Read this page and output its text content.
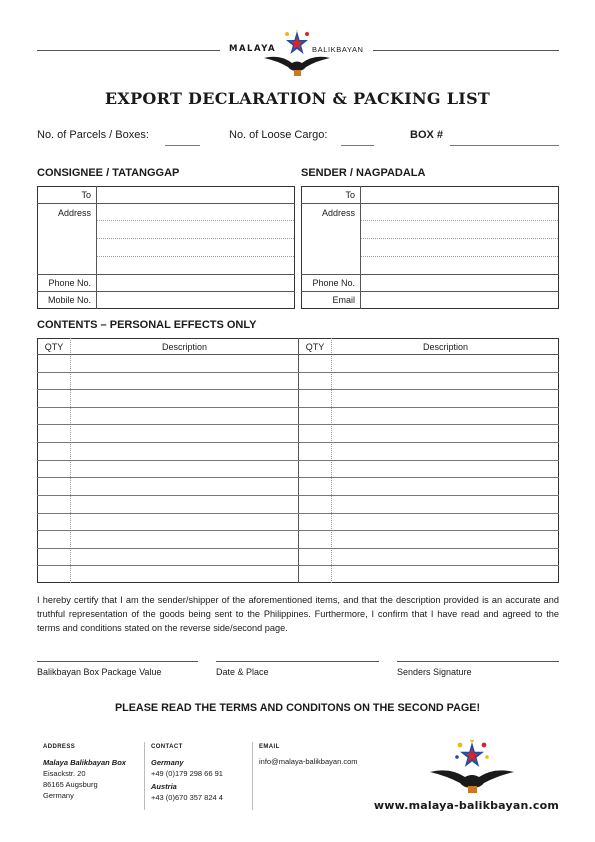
MALAYA	BALIKBAYAN
EXPORT DECLARATION & PACKING LIST
No. of Parcels / Boxes:	No. of Loose Cargo:	BOX #
CONSIGNEE / TATANGGAP
To
Address
Phone No.
Mobile No.
SENDER / NAGPADALA
To
Address
Phone No.
Email
CONTENTS – PERSONAL EFFECTS ONLY
QTY	Description	QTY	Description
I hereby certify that I am the sender/shipper of the aforementioned items, and that the description provided is an accurate and truthful representation of the goods being sent to the Philippines. Furthermore, I confirm that I have read and agreed to the terms and conditions stated on the reverse side/second page.
Balikbayan Box Package Value	Date & Place	Senders Signature
PLEASE READ THE TERMS AND CONDITONS ON THE SECOND PAGE!
ADDRESS
Malaya Balikbayan Box
Eisackstr. 20
86165 Augsburg
Germany
CONTACT
Germany
+49 (0)179 298 66 91
Austria
+43 (0)670 357 824 4
EMAIL
info@malaya-balikbayan.com
www.malaya-balikbayan.com
